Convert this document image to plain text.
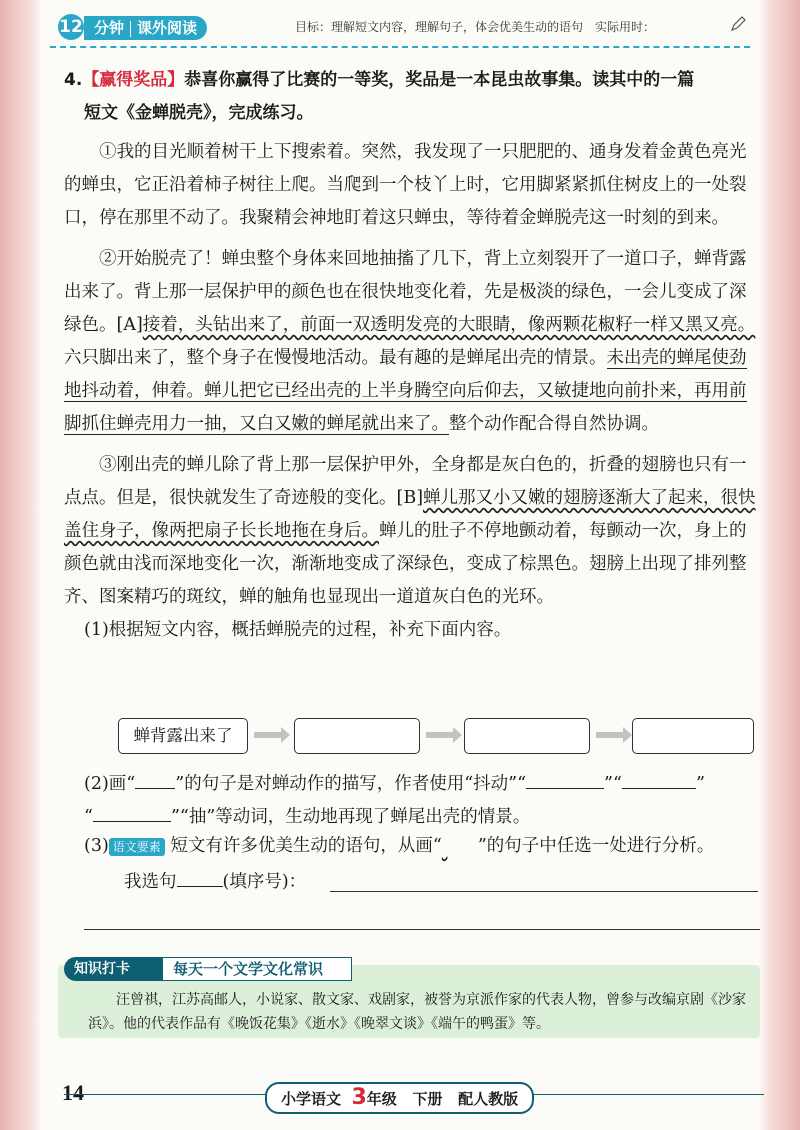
12 分钟 课外阅读	目标：理解短文内容，理解句子，体会优美生动的语句　实际用时：
4.【赢得奖品】恭喜你赢得了比赛的一等奖，奖品是一本昆虫故事集。读其中的一篇
短文《金蝉脱壳》，完成练习。

①我的目光顺着树干上下搜索着。突然，我发现了一只肥肥的、通身发着金黄色亮光的蝉虫，它正沿着柿子树往上爬。当爬到一个枝丫上时，它用脚紧紧抓住树皮上的一处裂口，停在那里不动了。我聚精会神地盯着这只蝉虫，等待着金蝉脱壳这一时刻的到来。

②开始脱壳了！蝉虫整个身体来回地抽搐了几下，背上立刻裂开了一道口子，蝉背露出来了。背上那一层保护甲的颜色也在很快地变化着，先是极淡的绿色，一会儿变成了深绿色。[A]接着，头钻出来了，前面一双透明发亮的大眼睛，像两颗花椒籽一样又黑又亮。六只脚出来了，整个身子在慢慢地活动。最有趣的是蝉尾出壳的情景。未出壳的蝉尾使劲地抖动着，伸着。蝉儿把它已经出壳的上半身腾空向后仰去，又敏捷地向前扑来，再用前脚抓住蝉壳用力一抽，又白又嫩的蝉尾就出来了。整个动作配合得自然协调。

③刚出壳的蝉儿除了背上那一层保护甲外，全身都是灰白色的，折叠的翅膀也只有一点点。但是，很快就发生了奇迹般的变化。[B]蝉儿那又小又嫩的翅膀逐渐大了起来，很快盖住身子，像两把扇子长长地拖在身后。蝉儿的肚子不停地颤动着，每颤动一次，身上的颜色就由浅而深地变化一次，渐渐地变成了深绿色，变成了棕黑色。翅膀上出现了排列整齐、图案精巧的斑纹，蝉的触角也显现出一道道灰白色的光环。

(1)根据短文内容，概括蝉脱壳的过程，补充下面内容。
蝉背露出来了
(2)画“ ”的句子是对蝉动作的描写，作者使用“抖动”“	”“	”
“	”“抽”等动词，生动地再现了蝉尾出壳的情景。
(3) 语文要素 短文有许多优美生动的语句，从画“ ”的句子中任选一处进行分析。
我选句	(填序号)：
知识打卡	每天一个文学文化常识
汪曾祺，江苏高邮人，小说家、散文家、戏剧家，被誉为京派作家的代表人物，曾参与改编京剧《沙家浜》。他的代表作品有《晚饭花集》《逝水》《晚翠文谈》《端午的鸭蛋》等。
14	小学语文 3年级 下册 配人教版
